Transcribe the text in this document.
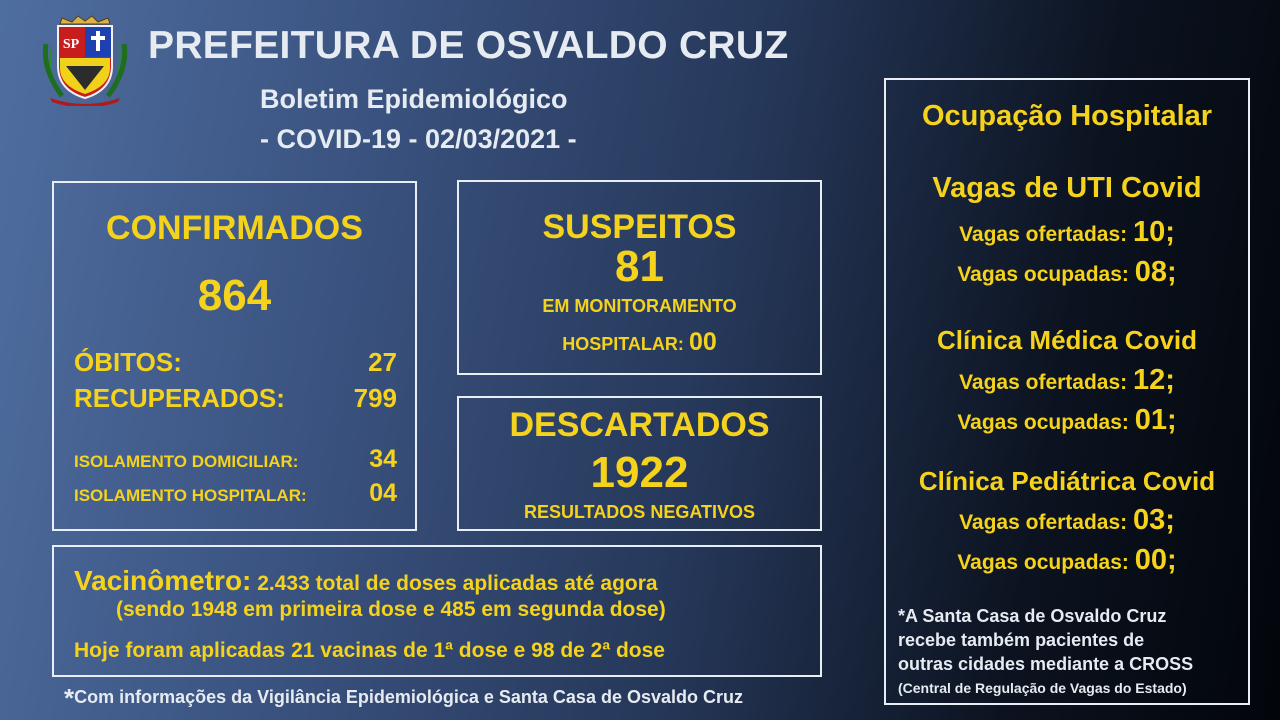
SP PREFEITURA DE OSVALDO CRUZ
Boletim Epidemiológico
- COVID-19 - 02/03/2021 -
CONFIRMADOS
864
ÓBITOS:	27
RECUPERADOS:	799
ISOLAMENTO DOMICILIAR:	34
ISOLAMENTO HOSPITALAR:	04
SUSPEITOS
81
EM MONITORAMENTO
HOSPITALAR: 00
DESCARTADOS
1922
RESULTADOS NEGATIVOS
Vacinômetro: 2.433 total de doses aplicadas até agora
(sendo 1948 em primeira dose e 485 em segunda dose)
Hoje foram aplicadas 21 vacinas de 1ª dose e 98 de 2ª dose
*Com informações da Vigilância Epidemiológica e Santa Casa de Osvaldo Cruz
Ocupação Hospitalar
Vagas de UTI Covid
Vagas ofertadas: 10;
Vagas ocupadas: 08;
Clínica Médica Covid
Vagas ofertadas: 12;
Vagas ocupadas: 01;
Clínica Pediátrica Covid
Vagas ofertadas: 03;
Vagas ocupadas: 00;
*A Santa Casa de Osvaldo Cruz
recebe também pacientes de
outras cidades mediante a CROSS
(Central de Regulação de Vagas do Estado)
